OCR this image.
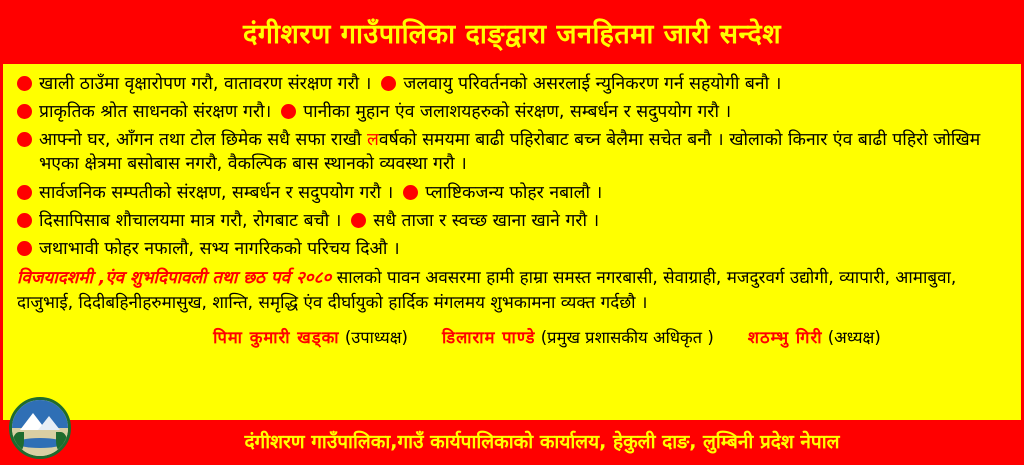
दंगीशरण गाउँपालिका दाङ्द्वारा जनहितमा जारी सन्देश
खाली ठाउँमा वृक्षारोपण गरौ, वातावरण संरक्षण गरौ । जलवायु परिवर्तनको असरलाई न्युनिकरण गर्न सहयोगी बनौ ।
प्राकृतिक श्रोत साधनको संरक्षण गरौ। पानीका मुहान एंव जलाशयहरुको संरक्षण, सम्बर्धन र सदुपयोग गरौ ।
आफ्नो घर, आँगन तथा टोल छिमेक सधै सफा राखौ लवर्षको समयमा बाढी पहिरोबाट बच्न बेलैमा सचेत बनौ । खोलाको किनार एंव बाढी पहिरो जोखिम भएका क्षेत्रमा बसोबास नगरौ, वैकल्पिक बास स्थानको व्यवस्था गरौ ।
सार्वजनिक सम्पतीको संरक्षण, सम्बर्धन र सदुपयोेग गरौ । प्लाष्टिकजन्य फोहर नबालौ ।
दिसापिसाब शौचालयमा मात्र गरौ, रोगबाट बचौ । सधै ताजा र स्वच्छ खाना खाने गरौ ।
जथाभावी फोहर नफालौ, सभ्य नागरिकको परिचय दिऔ ।
विजयादशमी ,एंव शुभदिपावली तथा छठ पर्व २०८० सालको पावन अवसरमा हामी हाम्रा समस्त नगरबासी, सेवाग्राही, मजदुरवर्ग उद्योगी, व्यापारी, आमाबुवा, दाजुभाई, दिदीबहिनीहरुमासुख, शान्ति, समृद्धि एंव दीर्घायुको हार्दिक मंगलमय शुभकामना व्यक्त गर्दछौ ।
पिमा कुमारी खड्का (उपाध्यक्ष) डिलाराम पाण्डे (प्रमुख प्रशासकीय अधिकृत ) शठम्भु गिरी (अध्यक्ष)
दंगीशरण गाउँपालिका,गाउँ कार्यपालिकाको कार्यालय, हेकुली दाङ, लुम्बिनी प्रदेश नेपाल
